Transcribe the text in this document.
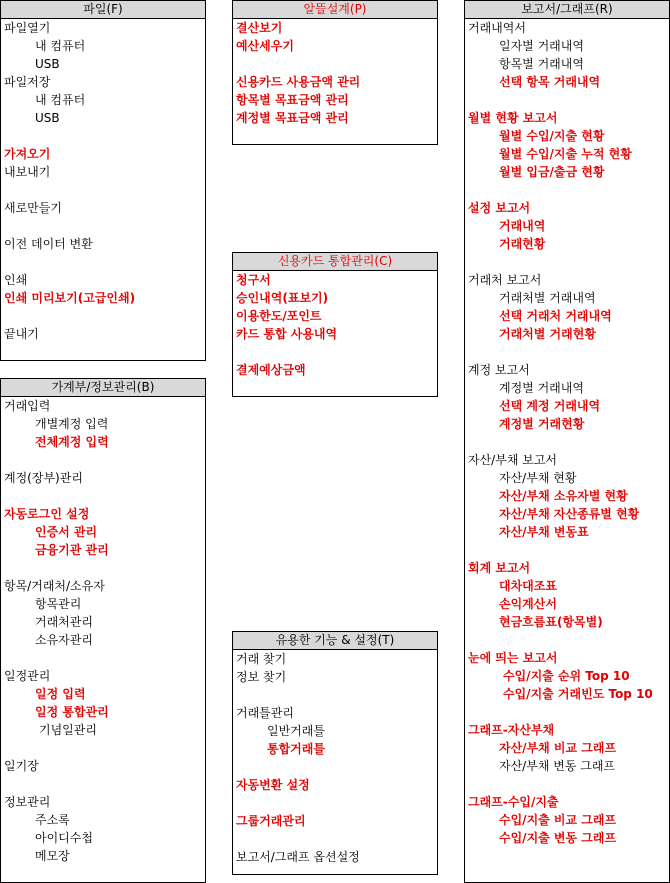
파일(F)
파일열기
내 컴퓨터
USB
파일저장
내 컴퓨터
USB
가져오기
내보내기
새로만들기
이전 데이터 변환
인쇄
인쇄 미리보기(고급인쇄)
끝내기
가계부/정보관리(B)
거래입력
개별계정 입력
전체계정 입력
계정(장부)관리
자동로그인 설정
인증서 관리
금융기관 관리
항목/거래처/소유자
항목관리
거래처관리
소유자관리
일정관리
일정 입력
일정 통합관리
기념일관리
일기장
정보관리
주소록
아이디수첩
메모장
알뜰설계(P)
결산보기
예산세우기
신용카드 사용금액 관리
항목별 목표금액 관리
계정별 목표금액 관리
신용카드 통합관리(C)
청구서
승인내역(표보기)
이용한도/포인트
카드 통합 사용내역
결제예상금액
유용한 기능 & 설정(T)
거래 찾기
정보 찾기
거래틀관리
일반거래틀
통합거래틀
자동변환 설정
그룹거래관리
보고서/그래프 옵션설정
보고서/그래프(R)
거래내역서
일자별 거래내역
항목별 거래내역
선택 항목 거래내역
월별 현황 보고서
월별 수입/지출 현황
월별 수입/지출 누적 현황
월별 입금/출금 현황
설정 보고서
거래내역
거래현황
거래처 보고서
거래처별 거래내역
선택 거래처 거래내역
거래처별 거래현황
계정 보고서
계정별 거래내역
선택 계정 거래내역
계정별 거래현황
자산/부채 보고서
자산/부채 현황
자산/부채 소유자별 현황
자산/부채 자산종류별 현황
자산/부채 변동표
회계 보고서
대차대조표
손익계산서
현금흐름표(항목별)
눈에 띄는 보고서
수입/지출 순위 Top 10
수입/지출 거래빈도 Top 10
그래프-자산부채
자산/부채 비교 그래프
자산/부채 변동 그래프
그래프-수입/지출
수입/지출 비교 그래프
수입/지출 변동 그래프
